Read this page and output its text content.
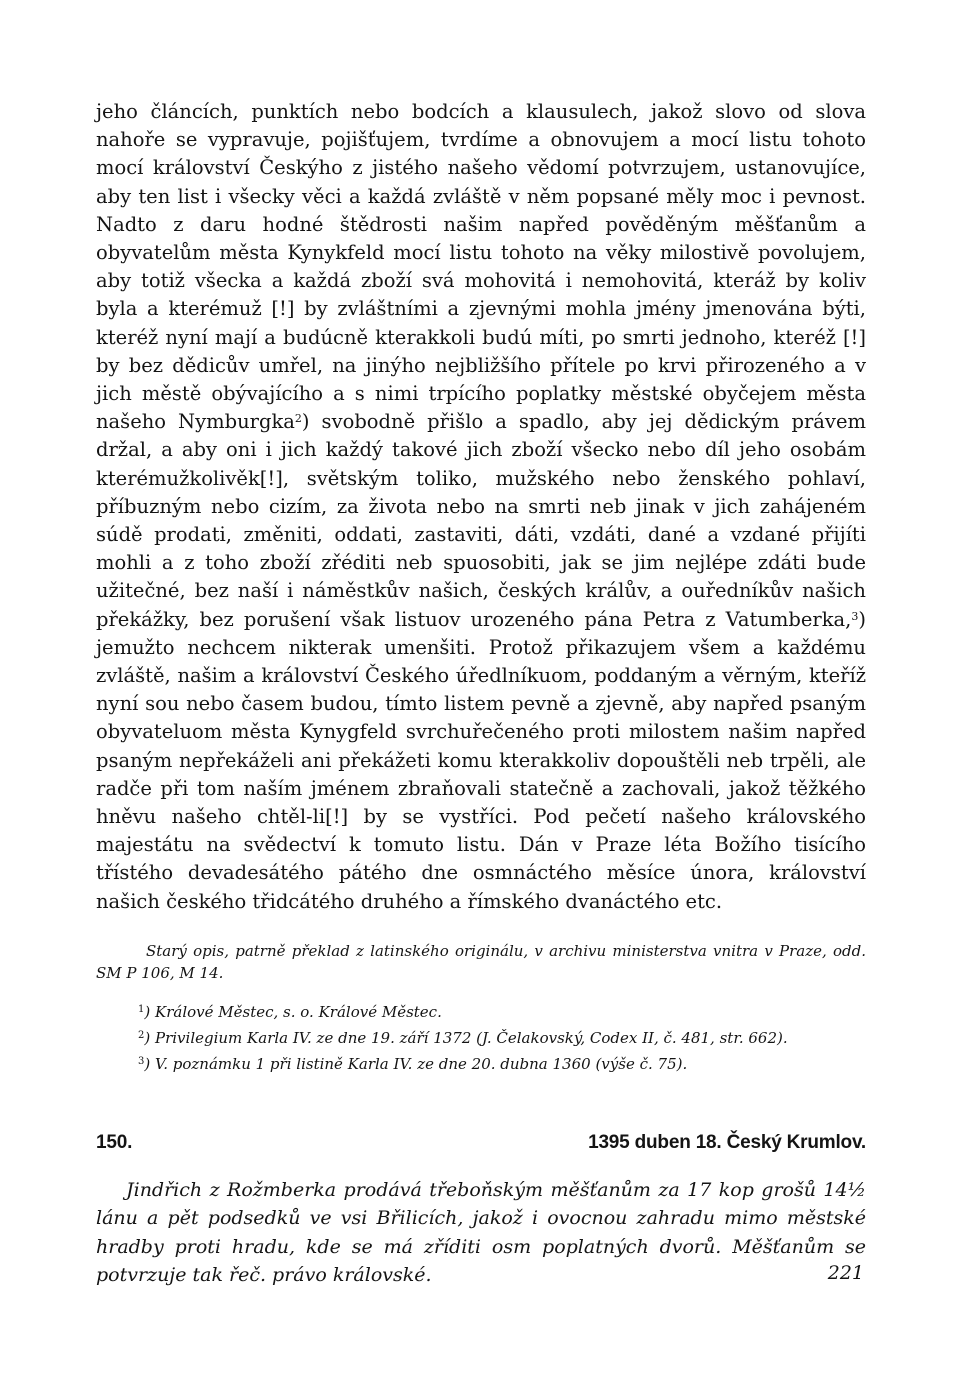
jeho článcích, punktích nebo bodcích a klausulech, jakož slovo od slova nahoře se vypravuje, pojišťujem, tvrdíme a obnovujem a mocí listu tohoto mocí království Českýho z jistého našeho vědomí potvrzujem, ustanovujíce, aby ten list i všecky věci a každá zvláště v něm popsané měly moc i pevnost. Nadto z daru hodné štědrosti našim napřed pověděným měšťanům a obyvatelům města Kynykfeld mocí listu tohoto na věky milostivě povolujem, aby totiž všecka a každá zboží svá mohovitá i nemohovitá, kteráž by koliv byla a kterémuž [!] by zvláštními a zjevnými mohla jmény jmenována býti, kteréž nyní mají a budúcně kterakkoli budú míti, po smrti jednoho, kteréž [!] by bez dědicův umřel, na jinýho nejbližšího přítele po krvi přirozeného a v jich městě obývajícího a s nimi trpícího poplatky městské obyčejem města našeho Nymburgka$^2$) svobodně přišlo a spadlo, aby jej dědickým právem držal, a aby oni i jich každý takové jich zboží všecko nebo díl jeho osobám kterémužkolivěk[!], světským toliko, mužského nebo ženského pohlaví, příbuzným nebo cizím, za života nebo na smrti neb jinak v jich zahájeném súdě prodati, změniti, oddati, zastaviti, dáti, vzdáti, dané a vzdané přijíti mohli a z toho zboží zřéditi neb spuosobiti, jak se jim nejlépe zdáti bude užitečné, bez naší i náměstkův našich, českých králův, a ouředníkův našich překážky, bez porušení však listuov urozeného pána Petra z Vatumberka,$^3$) jemužto nechcem nikterak umenšiti. Protož přikazujem všem a každému zvláště, našim a království Českého úředlníkuom, poddaným a věrným, kteříž nyní sou nebo časem budou, tímto listem pevně a zjevně, aby napřed psaným obyvateluom města Kynygfeld svrchuřečeného proti milostem našim napřed psaným nepřekáželi ani překážeti komu kterakkoliv dopouštěli neb trpěli, ale radče při tom naším jménem zbraňovali statečně a zachovali, jakož těžkého hněvu našeho chtěl-li[!] by se vystříci. Pod pečetí našeho královského majestátu na svědectví k tomuto listu. Dán v Praze léta Božího tisícího třístého devadesátého pátého dne osmnáctého měsíce února, království našich českého třidcátého druhého a římského dvanáctého etc.

Starý opis, patrně překlad z latinského originálu, v archivu ministerstva vnitra v Praze, odd. SM P 106, M 14.

$^1$) Králové Městec, s. o. Králové Městec.

$^2$) Privilegium Karla IV. ze dne 19. září 1372 (J. Čelakovský, Codex II, č. 481, str. 662).

$^3$) V. poznámku 1 při listině Karla IV. ze dne 20. dubna 1360 (výše č. 75).

150.	1395 duben 18. Český Krumlov.

Jindřich z Rožmberka prodává třeboňským měšťanům za 17 kop grošů 14½ lánu a pět podsedků ve vsi Břilicích, jakož i ovocnou zahradu mimo městské hradby proti hradu, kde se má zříditi osm poplatných dvorů. Měšťanům se potvrzuje tak řeč. právo královské.	221
